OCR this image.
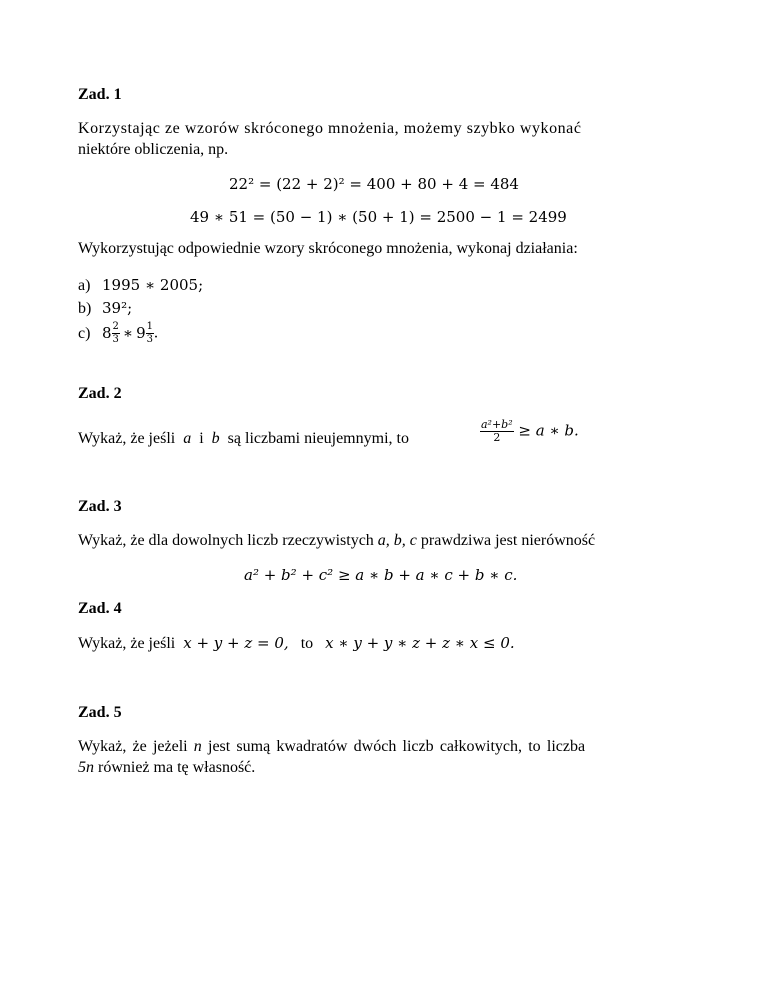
Zad. 1
Korzystając ze wzorów skróconego mnożenia, możemy szybko wykonać
niektóre obliczenia, np.
22² = (22 + 2)² = 400 + 80 + 4 = 484
49 ∗ 51 = (50 − 1) ∗ (50 + 1) = 2500 − 1 = 2499
Wykorzystując odpowiednie wzory skróconego mnożenia, wykonaj działania:
a) 1995 ∗ 2005;
b) 39²;
c) $8 \frac{2}{3}$ ∗ $9 \frac{1}{3}$ .
Zad. 2
Wykaż, że jeśli a i b są liczbami nieujemnymi, to	$\frac{\text{a²+b²}}{2} \ge a$ ∗ b.
Zad. 3
Wykaż, że dla dowolnych liczb rzeczywistych a, b, c prawdziwa jest nierówność
a² + b² + c² ≥ a ∗ b + a ∗ c + b ∗ c.
Zad. 4
Wykaż, że jeśli x + y + z = 0, to x ∗ y + y ∗ z + z ∗ x ≤ 0.
Zad. 5
Wykaż, że jeżeli n jest sumą kwadratów dwóch liczb całkowitych, to liczba
5n również ma tę własność.
